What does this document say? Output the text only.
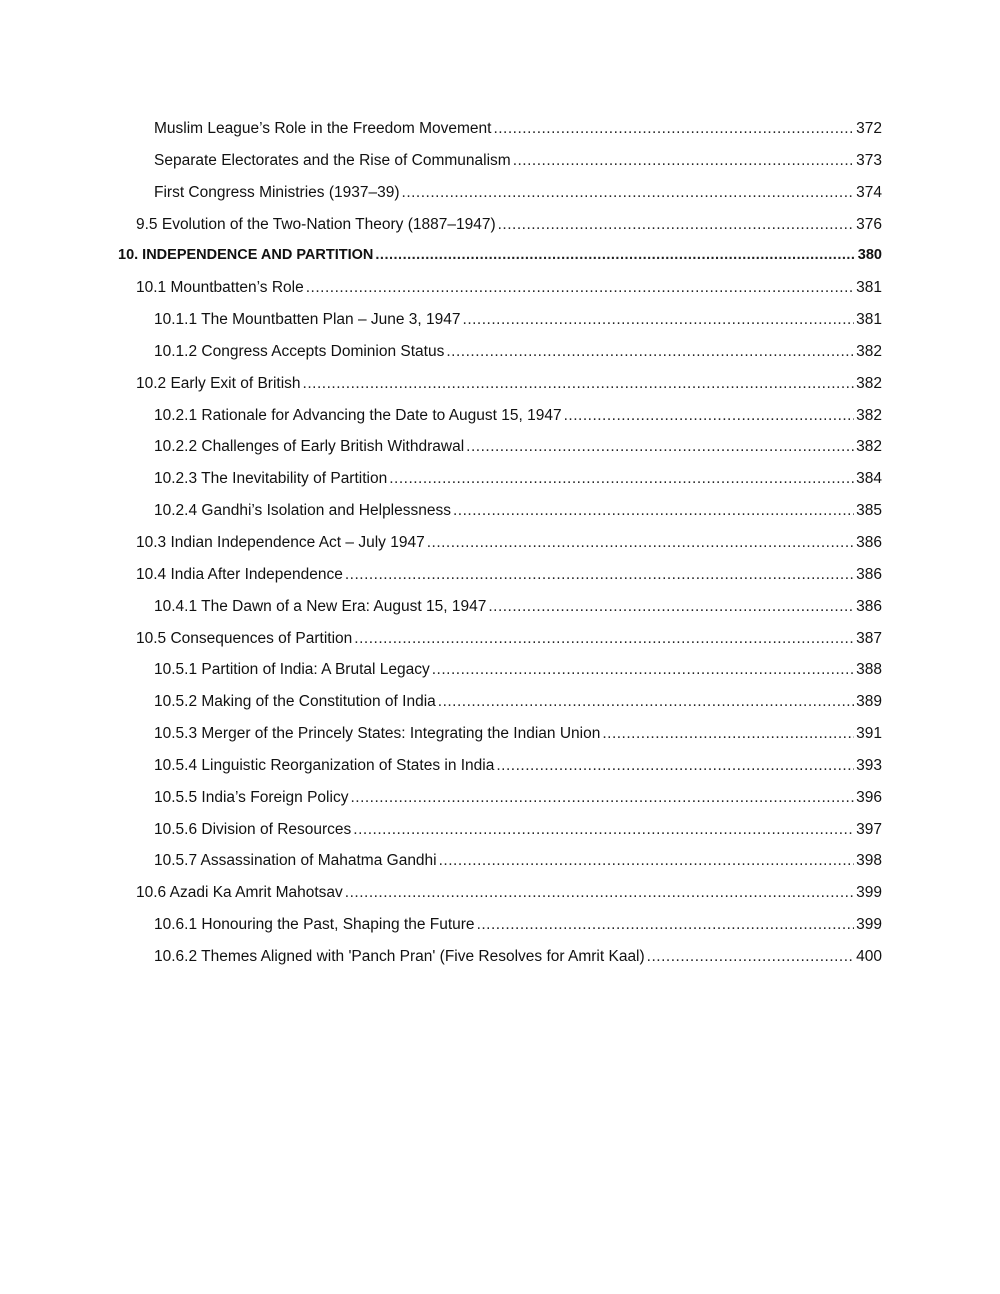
Muslim League’s Role in the Freedom Movement .....	372
Separate Electorates and the Rise of Communalism .....	373
First Congress Ministries (1937–39) .....	374
9.5 Evolution of the Two-Nation Theory (1887–1947) .....	376
10. INDEPENDENCE AND PARTITION .....	380
10.1 Mountbatten’s Role .....	381
10.1.1 The Mountbatten Plan – June 3, 1947 .....	381
10.1.2 Congress Accepts Dominion Status .....	382
10.2 Early Exit of British .....	382
10.2.1 Rationale for Advancing the Date to August 15, 1947 .....	382
10.2.2 Challenges of Early British Withdrawal .....	382
10.2.3 The Inevitability of Partition .....	384
10.2.4 Gandhi’s Isolation and Helplessness .....	385
10.3 Indian Independence Act – July 1947 .....	386
10.4 India After Independence .....	386
10.4.1 The Dawn of a New Era: August 15, 1947 .....	386
10.5 Consequences of Partition .....	387
10.5.1 Partition of India: A Brutal Legacy .....	388
10.5.2 Making of the Constitution of India .....	389
10.5.3 Merger of the Princely States: Integrating the Indian Union .....	391
10.5.4 Linguistic Reorganization of States in India .....	393
10.5.5 India’s Foreign Policy .....	396
10.5.6 Division of Resources .....	397
10.5.7 Assassination of Mahatma Gandhi .....	398
10.6 Azadi Ka Amrit Mahotsav .....	399
10.6.1 Honouring the Past, Shaping the Future .....	399
10.6.2 Themes Aligned with 'Panch Pran' (Five Resolves for Amrit Kaal) .....	400
